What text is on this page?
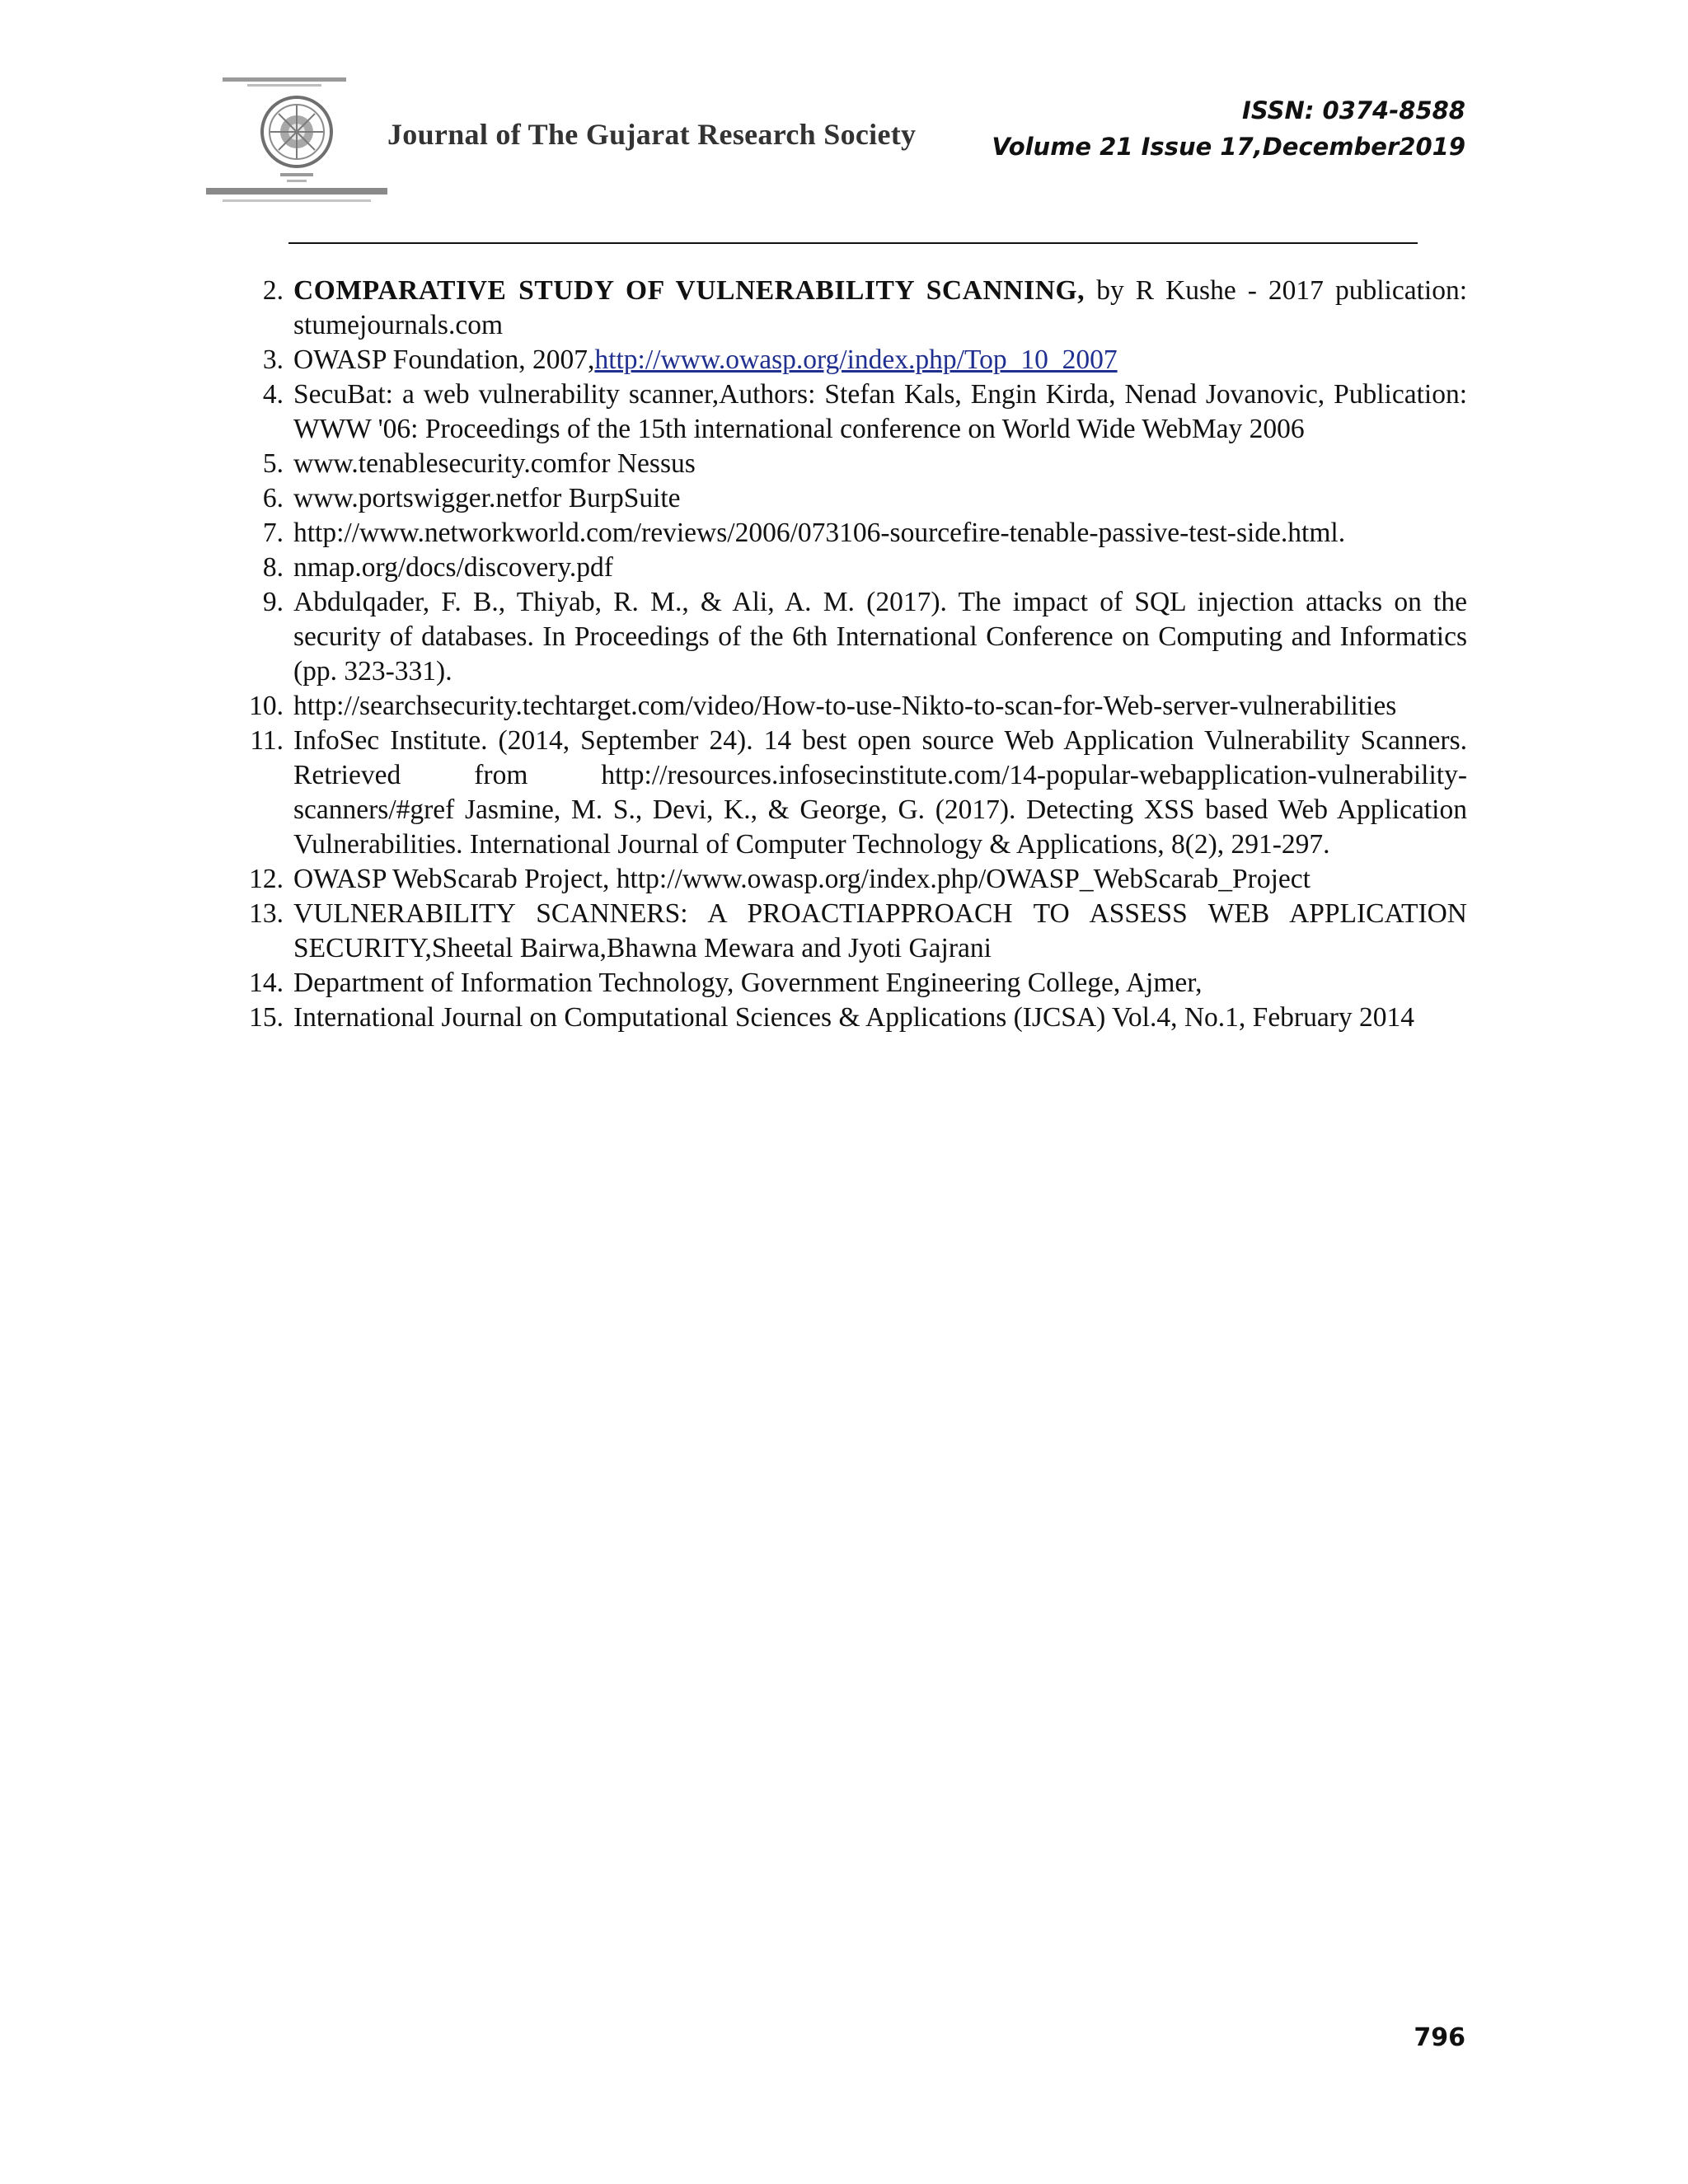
Journal of The Gujarat Research Society
ISSN: 0374-8588
Volume 21 Issue 17,December2019
2. COMPARATIVE STUDY OF VULNERABILITY SCANNING, by R Kushe - 2017 publication: stumejournals.com
3. OWASP Foundation, 2007,http://www.owasp.org/index.php/Top_10_2007
4. SecuBat: a web vulnerability scanner,Authors: Stefan Kals, Engin Kirda, Nenad Jovanovic, Publication: WWW '06: Proceedings of the 15th international conference on World Wide WebMay 2006
5. www.tenablesecurity.comfor Nessus
6. www.portswigger.netfor BurpSuite
7. http://www.networkworld.com/reviews/2006/073106-sourcefire-tenable-passive-test-side.html.
8. nmap.org/docs/discovery.pdf
9. Abdulqader, F. B., Thiyab, R. M., & Ali, A. M. (2017). The impact of SQL injection attacks on the security of databases. In Proceedings of the 6th International Conference on Computing and Informatics (pp. 323-331).
10. http://searchsecurity.techtarget.com/video/How-to-use-Nikto-to-scan-for-Web-server-vulnerabilities
11. InfoSec Institute. (2014, September 24). 14 best open source Web Application Vulnerability Scanners. Retrieved from http://resources.infosecinstitute.com/14-popular-webapplication-vulnerability-scanners/#gref Jasmine, M. S., Devi, K., & George, G. (2017). Detecting XSS based Web Application Vulnerabilities. International Journal of Computer Technology & Applications, 8(2), 291-297.
12. OWASP WebScarab Project, http://www.owasp.org/index.php/OWASP_WebScarab_Project
13. VULNERABILITY SCANNERS: A PROACTIAPPROACH TO ASSESS WEB APPLICATION SECURITY,Sheetal Bairwa,Bhawna Mewara and Jyoti Gajrani
14. Department of Information Technology, Government Engineering College, Ajmer,
15. International Journal on Computational Sciences & Applications (IJCSA) Vol.4, No.1, February 2014
796
